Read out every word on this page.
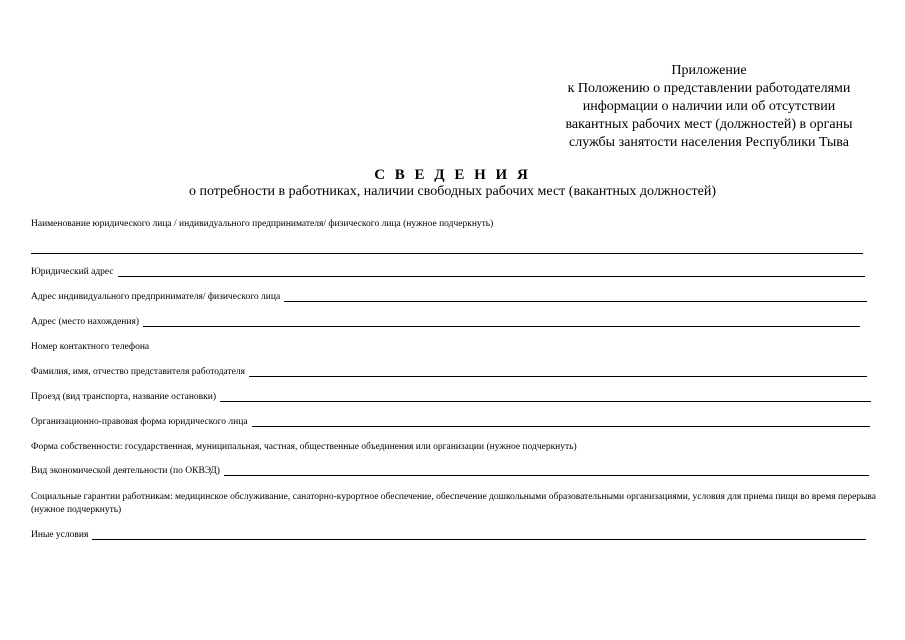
Приложение
к Положению о представлении работодателями
информации о наличии или об отсутствии
вакантных рабочих мест (должностей) в органы
службы занятости населения Республики Тыва
С В Е Д Е Н И Я
о потребности в работниках, наличии свободных рабочих мест (вакантных должностей)
Наименование юридического лица / индивидуального предпринимателя/ физического лица (нужное подчеркнуть)
Юридический адрес
Адрес индивидуального предпринимателя/ физического лица
Адрес (место нахождения)
Номер контактного телефона
Фамилия, имя, отчество представителя работодателя
Проезд (вид транспорта, название остановки)
Организационно-правовая форма юридического лица
Форма собственности: государственная, муниципальная, частная, общественные объединения или организации (нужное подчеркнуть)
Вид экономической деятельности (по ОКВЭД)
Социальные гарантии работникам: медицинское обслуживание, санаторно-курортное обеспечение, обеспечение дошкольными образовательными организациями, условия для приема пищи во время перерыва (нужное подчеркнуть)
Иные условия
